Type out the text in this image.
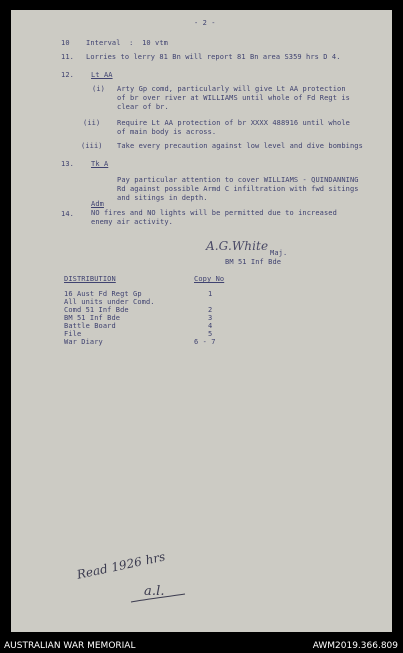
- 2 -
10 Interval  :  10 vtm
11. Lorries to lerry 81 Bn will report 81 Bn area S359 hrs D 4.
12. Lt AA
(i) Arty Gp comd, particularly will give Lt AA protection
of br over river at WILLIAMS until whole of Fd Regt is
clear of br.
(ii) Require Lt AA protection of br XXXX 488916 until whole
of main body is across.
(iii) Take every precaution against low level and dive bombings
13. Tk A
Pay particular attention to cover WILLIAMS - QUINDANNING
Rd against possible Armd C infiltration with fwd sitings
and sitings in depth.
Adm
14. NO fires and NO lights will be permitted due to increased
enemy air activity.
A.G.White Maj.
BM 51 Inf Bde
DISTRIBUTION	Copy No
16 Aust Fd Regt Gp	1
All units under Comd.
Comd 51 Inf Bde	2
BM 51 Inf Bde	3
Battle Board	4
File	5
War Diary	6 - 7
Read 1926 hrs
a.l.
AUSTRALIAN WAR MEMORIAL	AWM2019.366.809
